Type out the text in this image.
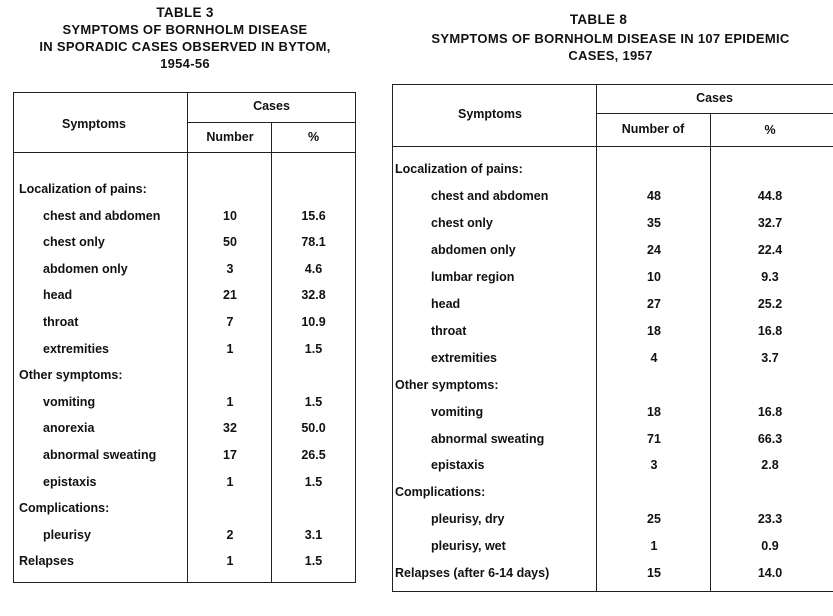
TABLE 3
SYMPTOMS OF BORNHOLM DISEASE
IN SPORADIC CASES OBSERVED IN BYTOM,
1954-56
Symptoms
Cases
Number	%
Localization of pains:
chest and abdomen	10	15.6
chest only	50	78.1
abdomen only	3	4.6
head	21	32.8
throat	7	10.9
extremities	1	1.5
Other symptoms:
vomiting	1	1.5
anorexia	32	50.0
abnormal sweating	17	26.5
epistaxis	1	1.5
Complications:
pleurisy	2	3.1
Relapses	1	1.5
TABLE 8
SYMPTOMS OF BORNHOLM DISEASE IN 107 EPIDEMIC
CASES, 1957
Symptoms
Cases
Number of	%
Localization of pains:
chest and abdomen	48	44.8
chest only	35	32.7
abdomen only	24	22.4
lumbar region	10	9.3
head	27	25.2
throat	18	16.8
extremities	4	3.7
Other symptoms:
vomiting	18	16.8
abnormal sweating	71	66.3
epistaxis	3	2.8
Complications:
pleurisy, dry	25	23.3
pleurisy, wet	1	0.9
Relapses (after 6-14 days)	15	14.0
